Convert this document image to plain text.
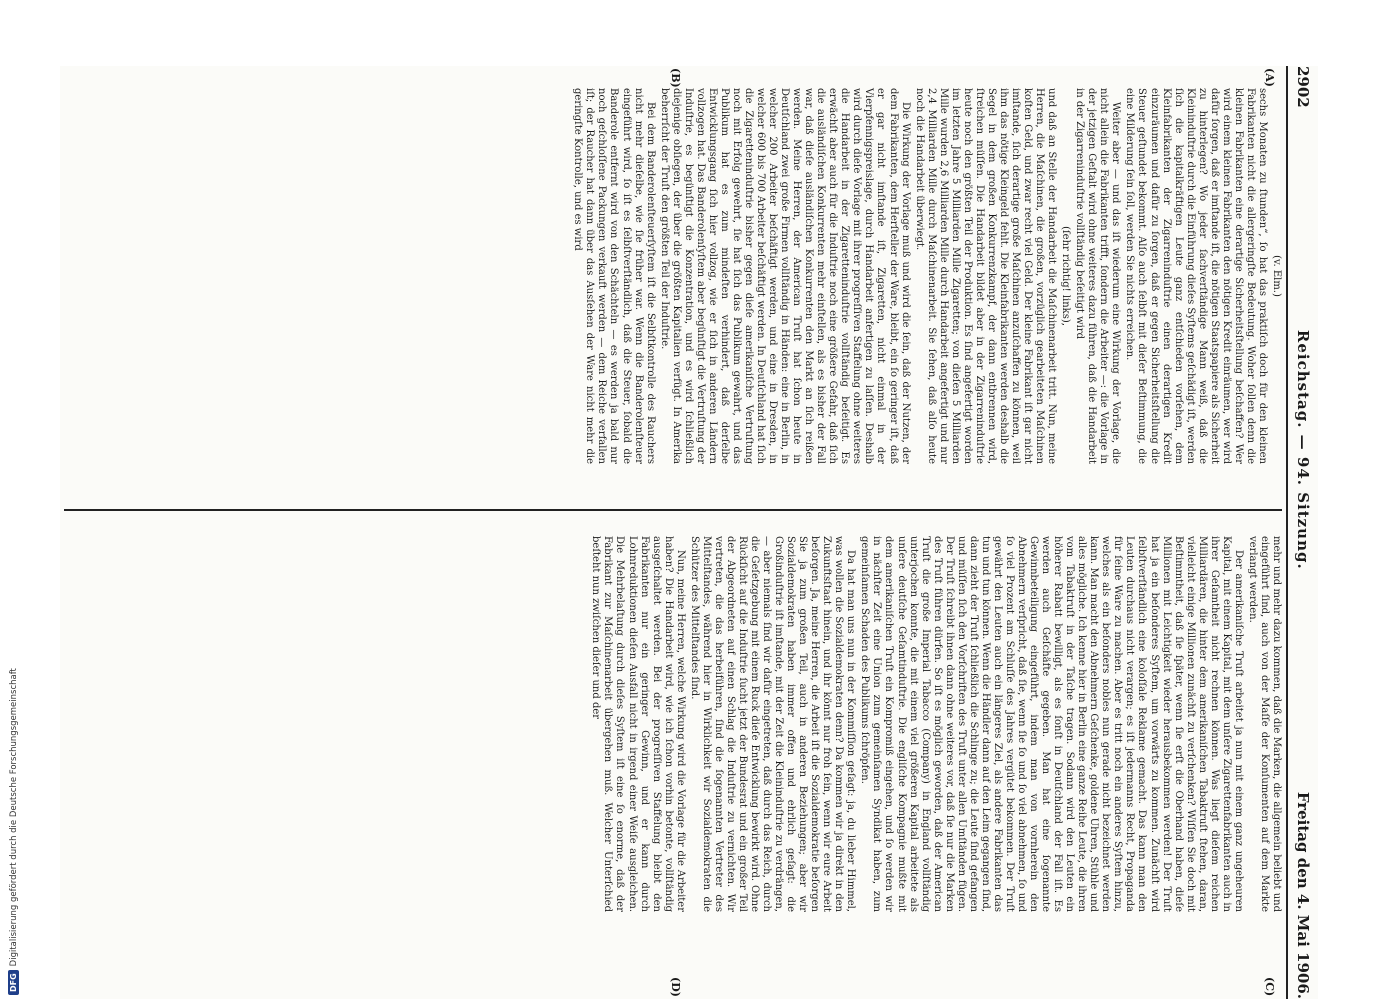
2902
Reichstag. — 94. Sitzung.
Freitag den 4. Mai 1906.
(A)
(B)
(C)
(D)
(v. Elm.)

sechs Monaten zu ſtunden“, ſo hat das praktiſch doch für den kleinen Fabrikanten nicht die allergeringſte Bedeutung. Woher ſollen denn die kleinen Fabrikanten eine derartige Sicherheitsſtellung beſchaffen? Wer wird einem kleinen Fabrikanten den nötigen Kredit einräumen, wer wird dafür ſorgen, daß er imſtande iſt, die nötigen Staatspapiere als Sicherheit zu hinterlegen? Wo jeder ſachverſtändige Mann weiß, daß die Kleininduſtrie durch die Einführung dieſes Syſtems geſchädigt iſt, werden ſich die kapitalkräftigen Leute ganz entſchieden vorſehen, dem Kleinfabrikanten der Zigarreninduſtrie einen derartigen Kredit einzuräumen und dafür zu ſorgen, daß er gegen Sicherheitsſtellung die Steuer geſtundet bekommt. Alſo auch ſelbſt mit dieſer Beſtimmung, die eine Milderung ſein ſoll, werden Sie nichts erreichen.

Weiter aber — und das iſt wiederum eine Wirkung der Vorlage, die nicht allein die Fabrikanten trifft, ſondern die Arbeiter —: die Vorlage in der jetzigen Geſtalt wird ohne weiteres dazu führen, daß die Handarbeit in der Zigarreninduſtrie vollſtändig beſeitigt wird

(ſehr richtig! links),

und daß an Stelle der Handarbeit die Maſchinenarbeit tritt. Nun, meine Herren, die Maſchinen, die großen, vorzüglich gearbeiteten Maſchinen koſten Geld, und zwar recht viel Geld. Der kleine Fabrikant iſt gar nicht imſtande, ſich derartige große Maſchinen anzuſchaffen zu können, weil ihm das nötige Kleingeld fehlt. Die Kleinfabrikanten werden deshalb die Segel in dem großen Konkurrenzkampf, der dann entbrennen wird, ſtreichen müſſen. Die Handarbeit bildet aber in der Zigarreninduſtrie heute noch den größten Teil der Produktion. Es ſind angefertigt worden im letzten Jahre 5 Milliarden Mille Zigaretten; von dieſen 5 Milliarden Mille wurden 2,6 Milliarden Mille durch Handarbeit angefertigt und nur 2,4 Milliarden Mille durch Maſchinenarbeit. Sie ſehen, daß alſo heute noch die Handarbeit überwiegt.

Die Wirkung der Vorlage muß und wird die ſein, daß der Nutzen, der dem Fabrikanten, dem Herſteller der Ware, bleibt, ein ſo geringer iſt, daß er gar nicht imſtande iſt, Zigaretten, nicht einmal in der Vierpfennigspreislage, durch Handarbeit anfertigen zu laſſen. Deshalb wird durch dieſe Vorlage mit ihrer progreſſiven Staffelung ohne weiteres die Handarbeit in der Zigaretteninduſtrie vollſtändig beſeitigt. Es erwächſt aber auch für die Induſtrie noch eine größere Gefahr, daß ſich die ausländiſchen Konkurrenten mehr einſtellen, als es bisher der Fall war, daß dieſe ausländiſchen Konkurrenten den Markt an ſich reißen werden. Meine Herren, der American Truſt hat ſchon heute in Deutſchland zwei große Firmen vollſtändig in Händen: eine in Berlin, in welcher 200 Arbeiter beſchäftigt werden, und eine in Dresden, in welcher 600 bis 700 Arbeiter beſchäftigt werden. In Deutſchland hat ſich die Zigaretteninduſtrie bisher gegen dieſe amerikaniſche Vertruſtung noch mit Erfolg gewehrt, ſie hat ſich das Publikum gewahrt, und das Publikum hat es zum mindeſten verhindert, daß derſelbe Entwicklungsgang ſich hier vollzog, wie er ſich in anderen Ländern vollzogen hat. Das Banderolenſyſtem aber begünſtigt die Vertruſtung der Induſtrie, es begünſtigt die Konzentration, und es wird ſchließlich diejenige obſiegen, der über die größten Kapitalien verfügt. In Amerika beherrſcht der Truſt den größten Teil der Induſtrie.

Bei dem Banderolenſteuerſyſtem iſt die Selbſtkontrolle des Rauchers nicht mehr dieſelbe, wie ſie früher war. Wenn die Banderolenſteuer eingeführt wird, ſo iſt es ſelbſtverſtändlich, daß die Steuer, ſobald die Banderole entfernt wird von den Schächteln — es werden ja bald nur noch geſchloſſene Packungen verkauft werden — dem Reiche verfallen iſt; der Raucher hat dann über das Ausſehen der Ware nicht mehr die geringſte Kontrolle, und es wird

mehr und mehr dazu kommen, daß die Marken, die allgemein beliebt und eingeführt ſind, auch von der Maſſe der Konſumenten auf dem Markte verlangt werden.

Der amerikaniſche Truſt arbeitet ja nun mit einem ganz ungeheuren Kapital, mit einem Kapital, mit dem unſere Zigarettenfabrikanten auch in ihrer Geſamtheit nicht rechnen können. Was liegt dieſem reichen Milliardären, die hinter dem amerikaniſchen Tabaktruſt ſtehen, daran, vielleicht einige Millionen zunächſt zu verſchenken? Wiſſen Sie doch mit Beſtimmtheit, daß ſie ſpäter, wenn ſie erſt die Oberhand haben, dieſe Millionen mit Leichtigkeit wieder herausbekommen werden! Der Truſt hat ja ein beſonderes Syſtem, um vorwärts zu kommen. Zunächſt wird ſelbſtverſtändlich eine koloſſale Reklame gemacht. Das kann man den Leuten durchaus nicht verargen; es iſt jedermanns Recht, Propaganda für ſeine Ware zu machen. Aber es tritt noch ein anderes Syſtem hinzu, welches als ein beſonders nobles nun gerade nicht bezeichnet werden kann. Man macht den Abnehmern Geſchenke, goldene Uhren, Stühle und alles mögliche. Ich kenne hier in Berlin eine ganze Reihe Leute, die ihren vom Tabaktruſt in der Taſche tragen. Sodann wird den Leuten ein höherer Rabatt bewilligt, als es ſonſt in Deutſchland der Fall iſt. Es werden auch Geſchäfte gegeben. Man hat eine ſogenannte Gewinnbeteiligung eingeführt, indem man von vornherein den Abnehmern verſpricht, daß ſie, wenn ſie ſo und ſo viel abnehmen, ſo und ſo viel Prozent am Schluſſe des Jahres vergütet bekommen. Der Truſt gewährt den Leuten auch ein längeres Ziel, als andere Fabrikanten das tun und tun können. Wenn die Händler dann auf den Leim gegangen ſind, dann zieht der Truſt ſchließlich die Schlinge zu; die Leute ſind gefangen und müſſen ſich den Vorſchriften des Truſt unter allen Umſtänden fügen. Der Truſt ſchreibt ihnen dann ohne weiteres vor, daß ſie nur die Marken des Truſt führen dürfen. So iſt es möglich geworden, daß der American Truſt die große Imperial Tabacco (Company) in England vollſtändig unterjochen konnte, die mit einem viel größeren Kapital arbeitete als unſere deutſche Geſamtinduſtrie. Die engliſche Kompagnie mußte mit dem amerikaniſchen Truſt ein Kompromiß eingehen, und ſo werden wir in nächſter Zeit eine Union zum gemeinſamen Syndikat haben, zum gemeinſamen Schaden des Publikums ſchröpfen.

Da hat man uns nun in der Kommiſſion geſagt: ja, du lieber Himmel, was wollen die Sozialdemokraten denn? Da kommen wir ja direkt in den Zukunftsſtaat hinein, und ihr könnt nur froh ſein, wenn wir eure Arbeit beſorgen. Ja, meine Herren, die Arbeit iſt die Sozialdemokratie beſorgen Sie ja zum großen Teil, auch in anderen Beziehungen; aber wir Sozialdemokraten haben immer offen und ehrlich geſagt: die Großinduſtrie iſt imſtande, mit der Zeit die Kleininduſtrie zu verdrängen, — aber niemals ſind wir dafür eingetreten, daß durch das Reich, durch die Geſetzgebung mit einem Ruck dieſe Entwicklung bewirkt wird. Ohne Rückſicht auf die Induſtrie ſucht jetzt der Bundesrat und ein großer Teil der Abgeordneten auf einen Schlag die Induſtrie zu vernichten. Wir vertreten, die das herbeiführen, ſind die ſogenannten Vertreter des Mittelſtandes, während hier in Wirklichkeit wir Sozialdemokraten die Schützer des Mittelſtandes ſind.

Nun, meine Herren, welche Wirkung wird die Vorlage für die Arbeiter haben? Die Handarbeit wird, wie ich ſchon vorhin betonte, vollſtändig ausgeſchaltet werden. Bei der progreſſiven Staffelung bleibt den Fabrikanten nur ein geringer Gewinn, und er kann durch Lohnreduktionen dieſen Ausfall nicht in irgend einer Weiſe ausgleichen. Die Mehrbelaſtung durch dieſes Syſtem iſt eine ſo enorme, daß der Fabrikant zur Maſchinenarbeit übergehen muß. Welcher Unterſchied beſteht nun zwiſchen dieſer und der

DFG
Digitalisierung gefördert durch die Deutsche Forschungsgemeinschaft
